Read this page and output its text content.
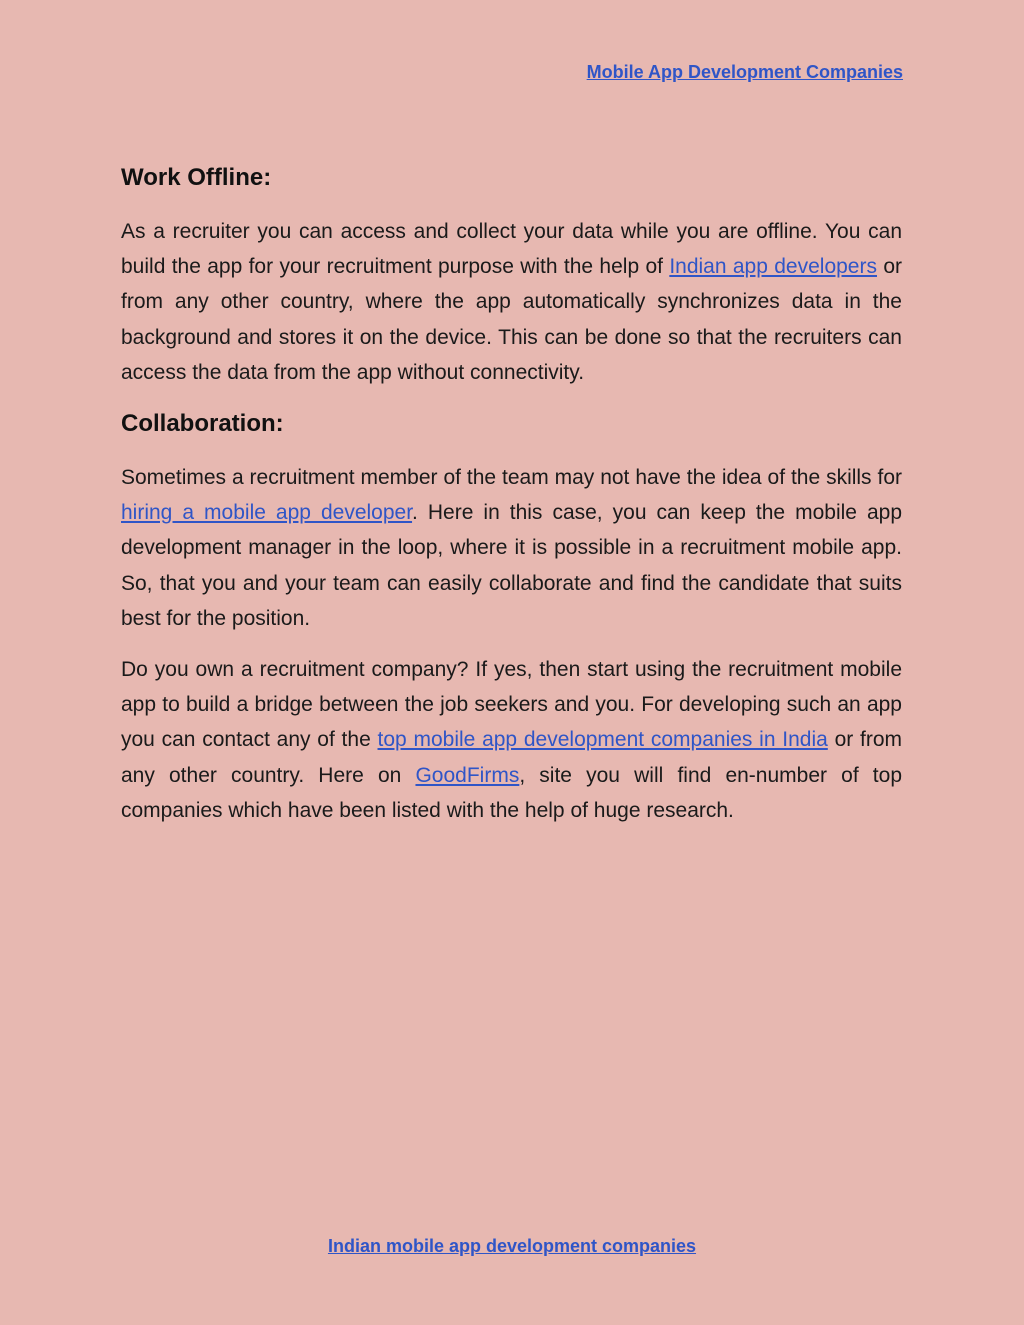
Mobile App Development Companies
Work Offline:

As a recruiter you can access and collect your data while you are offline. You can build the app for your recruitment purpose with the help of Indian app developers or from any other country, where the app automatically synchronizes data in the background and stores it on the device. This can be done so that the recruiters can access the data from the app without connectivity.

Collaboration:

Sometimes a recruitment member of the team may not have the idea of the skills for hiring a mobile app developer. Here in this case, you can keep the mobile app development manager in the loop, where it is possible in a recruitment mobile app. So, that you and your team can easily collaborate and find the candidate that suits best for the position.

Do you own a recruitment company? If yes, then start using the recruitment mobile app to build a bridge between the job seekers and you. For developing such an app you can contact any of the top mobile app development companies in India or from any other country. Here on GoodFirms, site you will find en-number of top companies which have been listed with the help of huge research.

Indian mobile app development companies
